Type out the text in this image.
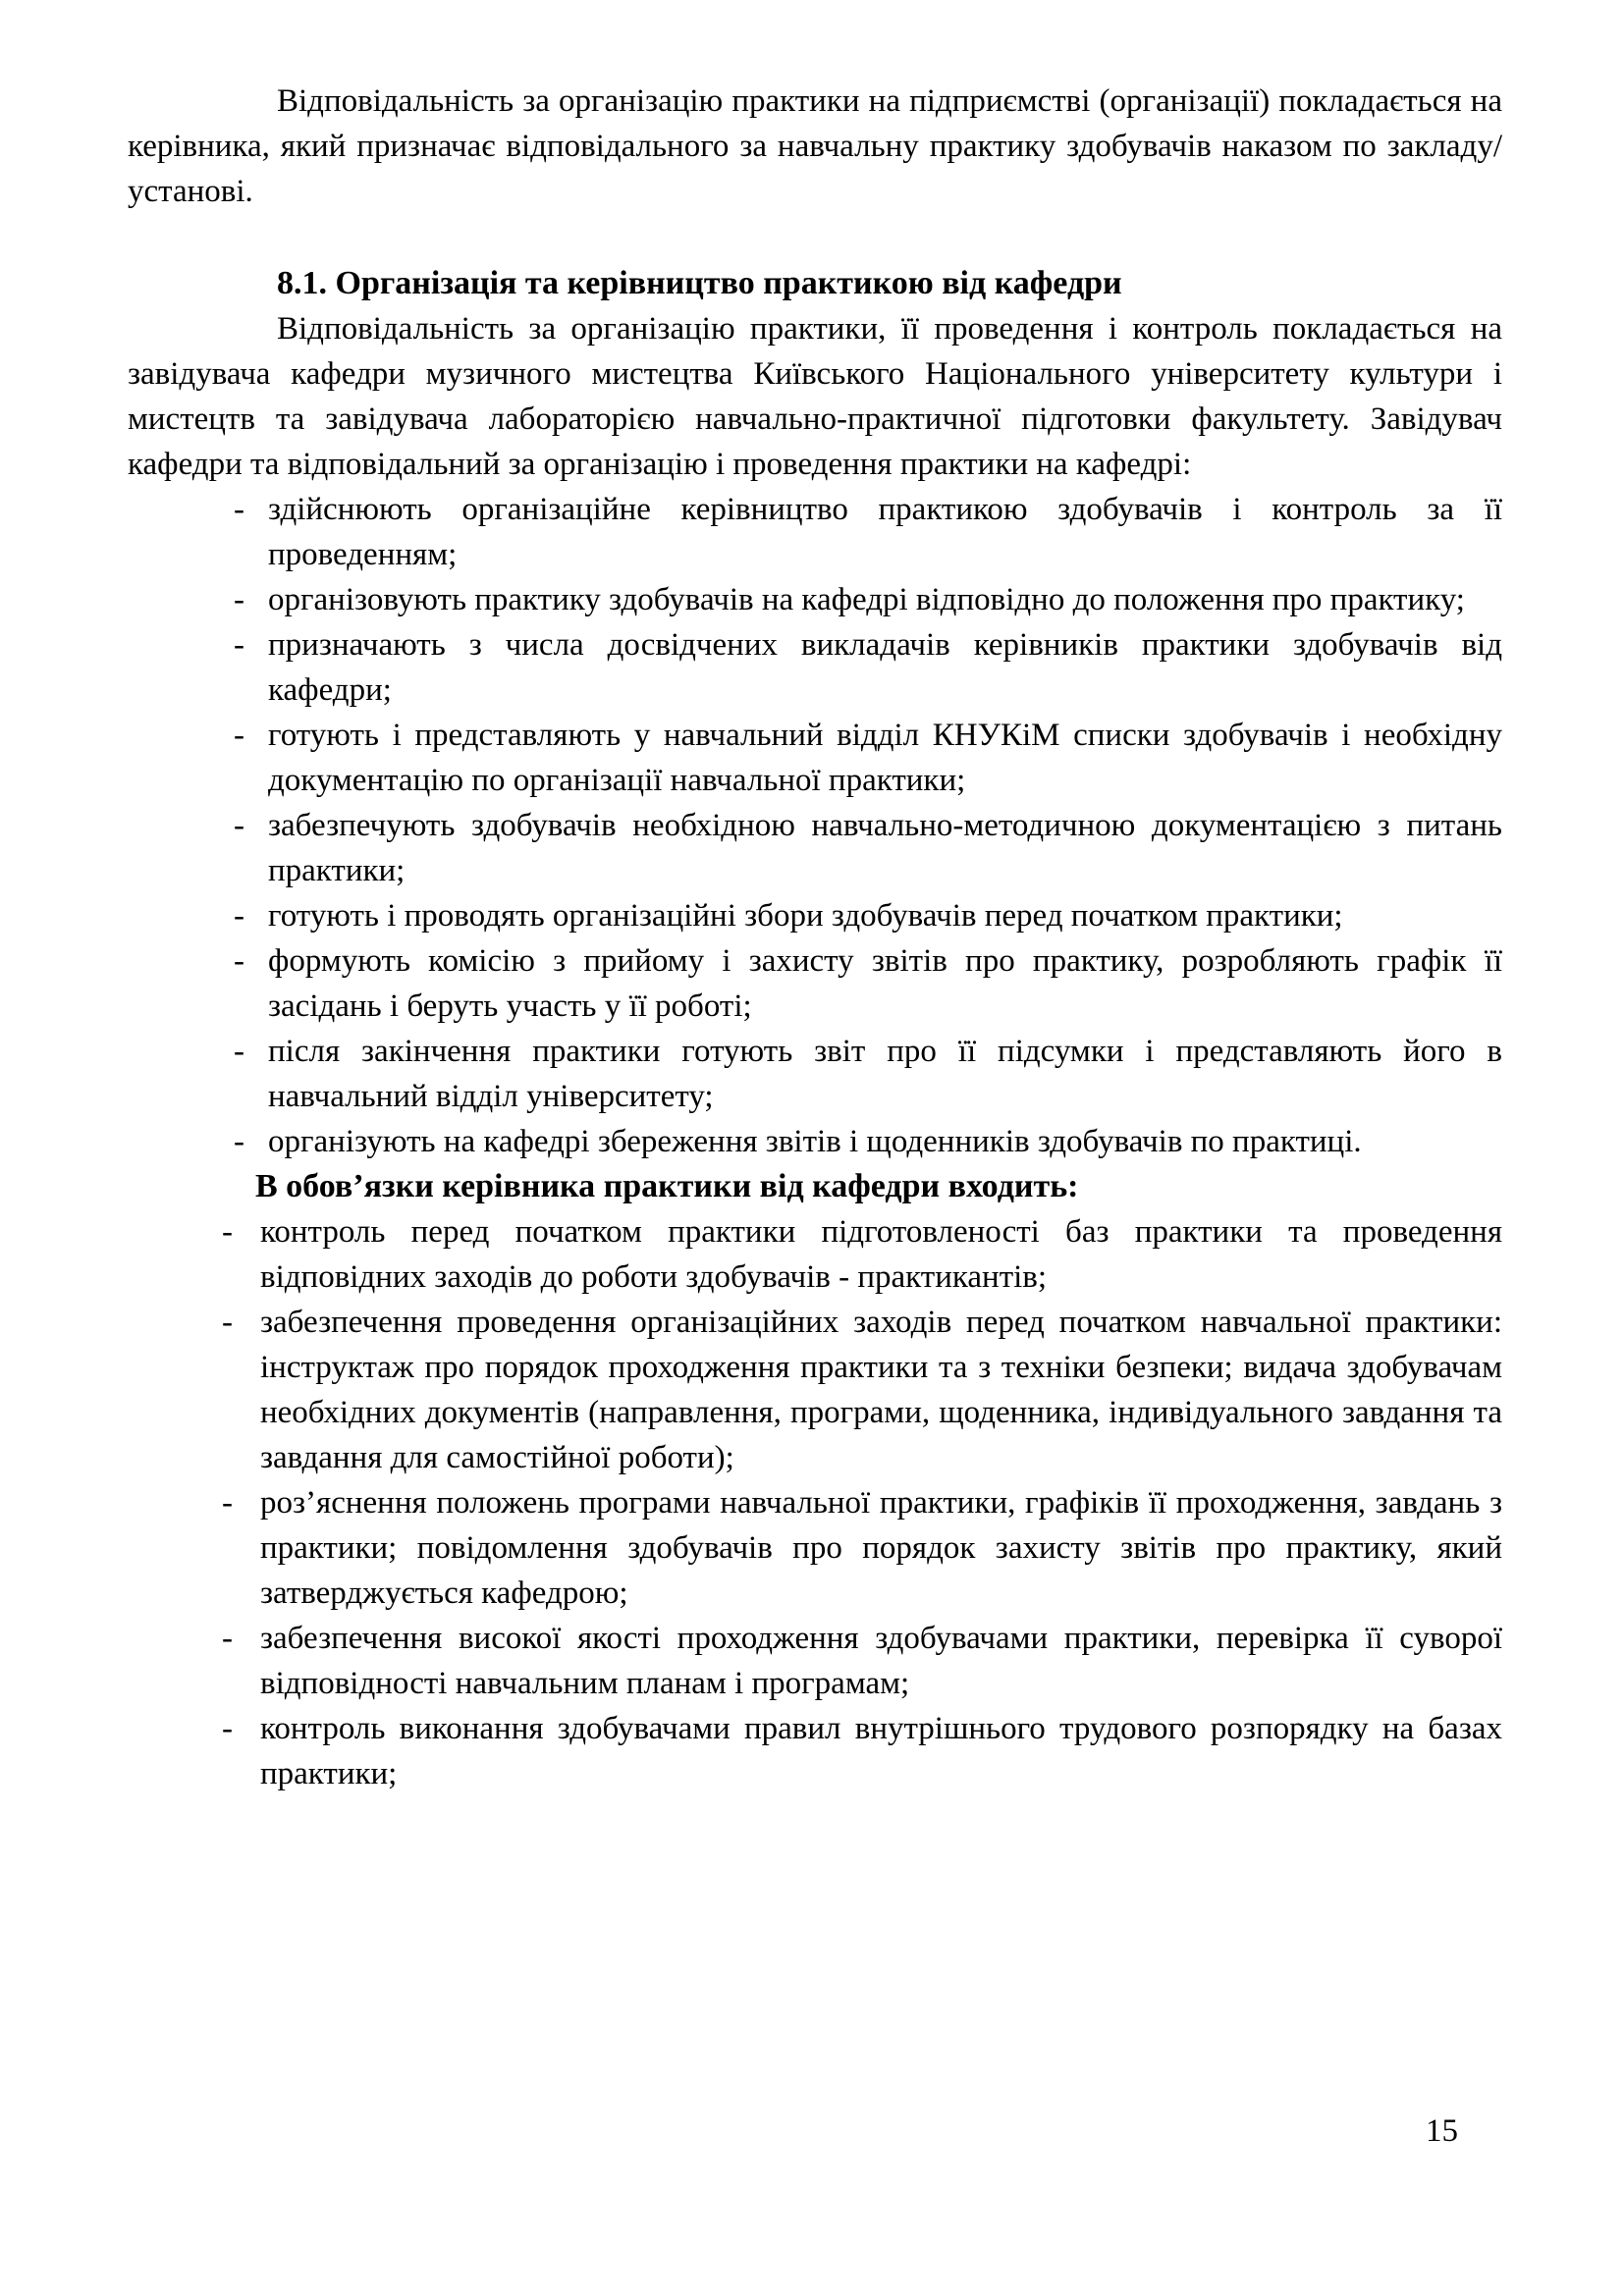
Відповідальність за організацію практики на підприємстві (організації) покладається на керівника, який призначає відповідального за навчальну практику здобувачів наказом по закладу/установі.

8.1. Організація та керівництво практикою від кафедри

Відповідальність за організацію практики, її проведення і контроль покладається на завідувача кафедри музичного мистецтва Київського Національного університету культури і мистецтв та завідувача лабораторією навчально-практичної підготовки факультету. Завідувач кафедри та відповідальний за організацію і проведення практики на кафедрі:

- здійснюють організаційне керівництво практикою здобувачів і контроль за її проведенням;
- організовують практику здобувачів на кафедрі відповідно до положення про практику;
- призначають з числа досвідчених викладачів керівників практики здобувачів від кафедри;
- готують і представляють у навчальний відділ КНУКіМ списки здобувачів і необхідну документацію по організації навчальної практики;
- забезпечують здобувачів необхідною навчально-методичною документацією з питань практики;
- готують і проводять організаційні збори здобувачів перед початком практики;
- формують комісію з прийому і захисту звітів про практику, розробляють графік її засідань і беруть участь у її роботі;
- після закінчення практики готують звіт про її підсумки і представляють його в навчальний відділ університету;
- організують на кафедрі збереження звітів і щоденників здобувачів по практиці.

В обов’язки керівника практики від кафедри входить:

- контроль перед початком практики підготовленості баз практики та проведення відповідних заходів до роботи здобувачів - практикантів;
- забезпечення проведення організаційних заходів перед початком навчальної практики: інструктаж про порядок проходження практики та з техніки безпеки; видача здобувачам необхідних документів (направлення, програми, щоденника, індивідуального завдання та завдання для самостійної роботи);
- роз’яснення положень програми навчальної практики, графіків її проходження, завдань з практики; повідомлення здобувачів про порядок захисту звітів про практику, який затверджується кафедрою;
- забезпечення високої якості проходження здобувачами практики, перевірка її суворої відповідності навчальним планам і програмам;
- контроль виконання здобувачами правил внутрішнього трудового розпорядку на базах практики;
15
